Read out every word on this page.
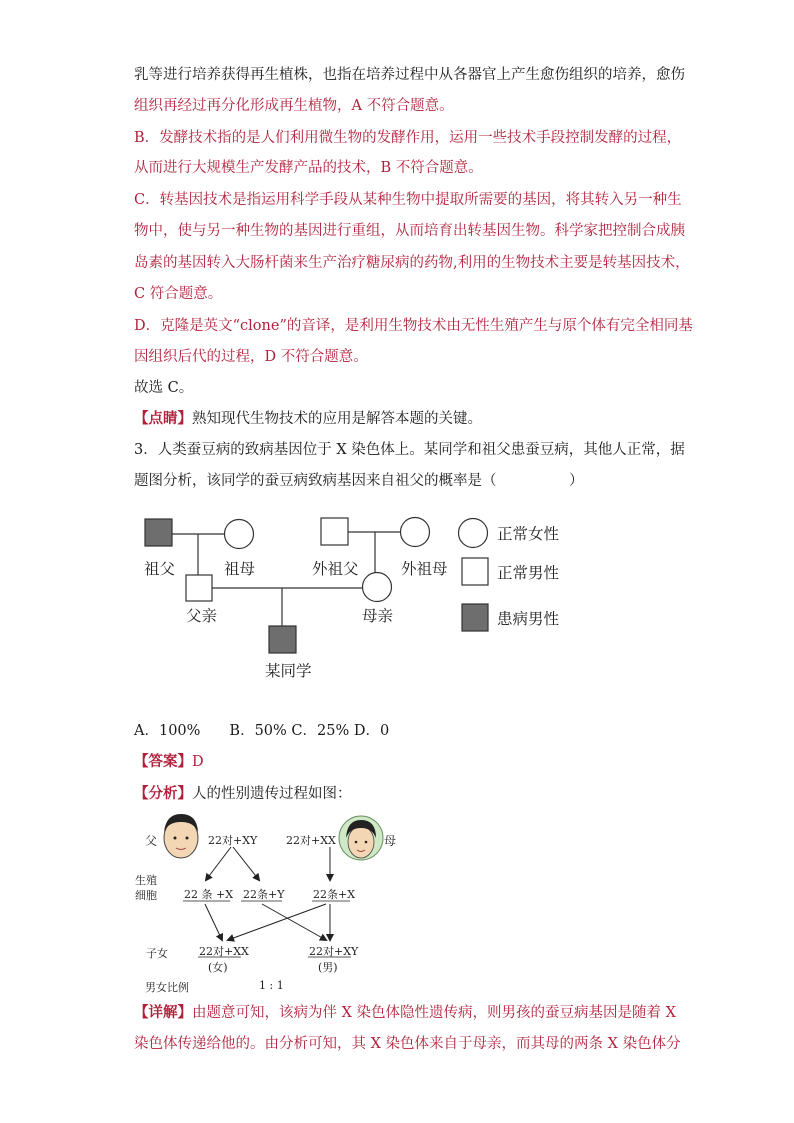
乳等进行培养获得再生植株，也指在培养过程中从各器官上产生愈伤组织的培养，愈伤
组织再经过再分化形成再生植物，A 不符合题意。
B．发酵技术指的是人们利用微生物的发酵作用，运用一些技术手段控制发酵的过程，
从而进行大规模生产发酵产品的技术，B 不符合题意。
C．转基因技术是指运用科学手段从某种生物中提取所需要的基因，将其转入另一种生
物中，使与另一种生物的基因进行重组，从而培育出转基因生物。科学家把控制合成胰
岛素的基因转入大肠杆菌来生产治疗糖尿病的药物,利用的生物技术主要是转基因技术，
C 符合题意。
D．克隆是英文“clone”的音译，是利用生物技术由无性生殖产生与原个体有完全相同基
因组织后代的过程，D 不符合题意。
故选 C。
【点睛】熟知现代生物技术的应用是解答本题的关键。
3．人类蚕豆病的致病基因位于 X 染色体上。某同学和祖父患蚕豆病，其他人正常，据
题图分析，该同学的蚕豆病致病基因来自祖父的概率是（　　　　　）
祖父	祖母	外祖父	外祖母
父亲	母亲
某同学
正常女性
正常男性
患病男性
A．100%　　B．50% C．25% D．0
【答案】D
【分析】人的性别遗传过程如图：
父	母
22对+XY	22对+XX
生殖
细胞 22 条 +X 22条+Y	22条+X
子女	22对+XX
(女)
22对+XY
(男)
男女比例	1 : 1
【详解】由题意可知，该病为伴 X 染色体隐性遗传病，则男孩的蚕豆病基因是随着 X
染色体传递给他的。由分析可知，其 X 染色体来自于母亲，而其母的两条 X 染色体分
